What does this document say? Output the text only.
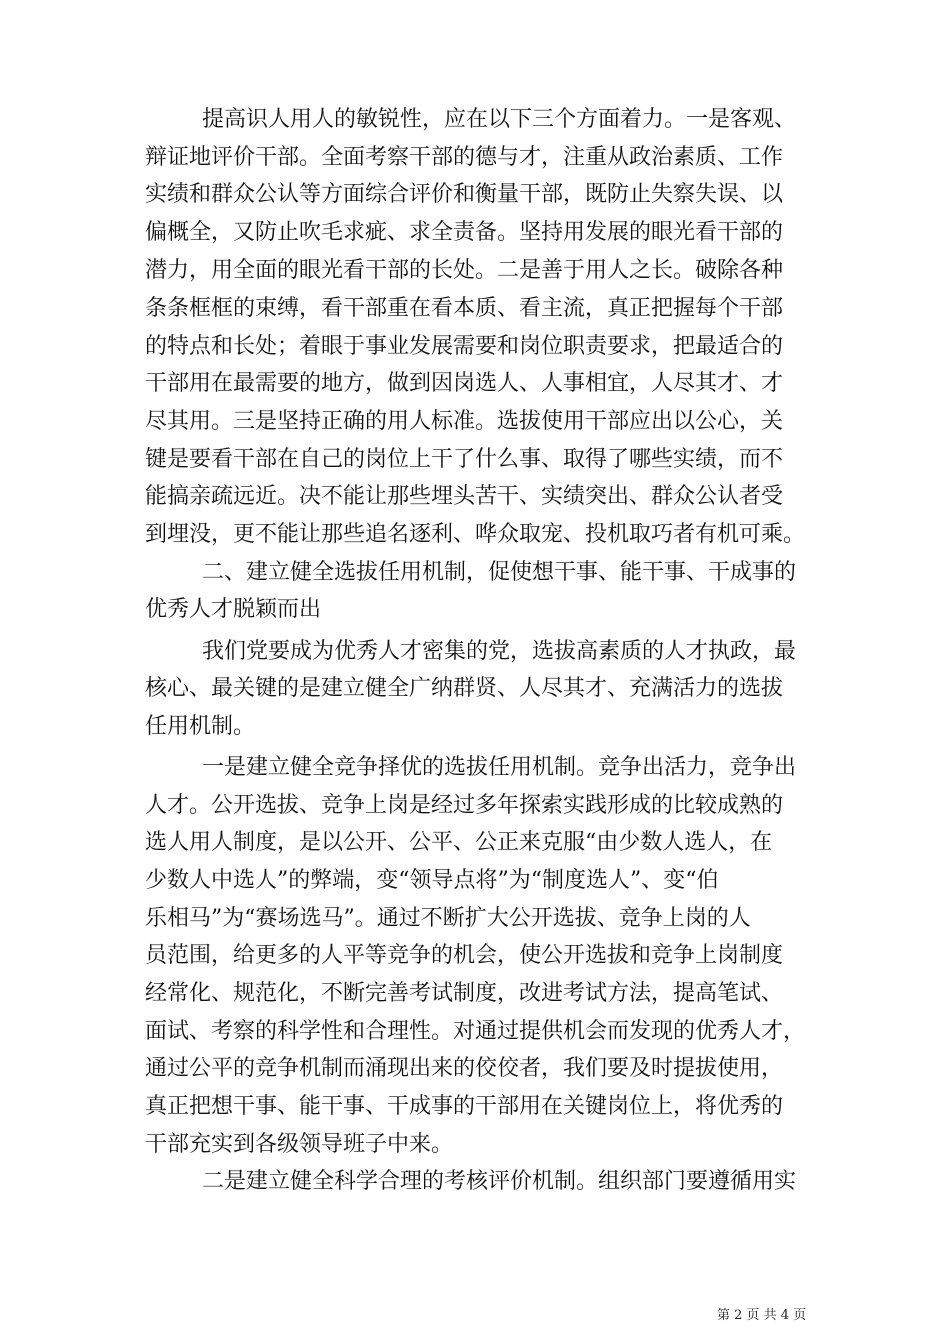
提高识人用人的敏锐性，应在以下三个方面着力。一是客观、
辩证地评价干部。全面考察干部的德与才，注重从政治素质、工作
实绩和群众公认等方面综合评价和衡量干部，既防止失察失误、以
偏概全，又防止吹毛求疵、求全责备。坚持用发展的眼光看干部的
潜力，用全面的眼光看干部的长处。二是善于用人之长。破除各种
条条框框的束缚，看干部重在看本质、看主流，真正把握每个干部
的特点和长处；着眼于事业发展需要和岗位职责要求，把最适合的
干部用在最需要的地方，做到因岗选人、人事相宜，人尽其才、才
尽其用。三是坚持正确的用人标准。选拔使用干部应出以公心，关
键是要看干部在自己的岗位上干了什么事、取得了哪些实绩，而不
能搞亲疏远近。决不能让那些埋头苦干、实绩突出、群众公认者受
到埋没，更不能让那些追名逐利、哗众取宠、投机取巧者有机可乘。
二、建立健全选拔任用机制，促使想干事、能干事、干成事的
优秀人才脱颖而出
我们党要成为优秀人才密集的党，选拔高素质的人才执政，最
核心、最关键的是建立健全广纳群贤、人尽其才、充满活力的选拔
任用机制。
一是建立健全竞争择优的选拔任用机制。竞争出活力，竞争出
人才。公开选拔、竞争上岗是经过多年探索实践形成的比较成熟的
选人用人制度，是以公开、公平、公正来克服“由少数人选人，在
少数人中选人”的弊端，变“领导点将”为“制度选人”、变“伯
乐相马”为“赛场选马”。通过不断扩大公开选拔、竞争上岗的人
员范围，给更多的人平等竞争的机会，使公开选拔和竞争上岗制度
经常化、规范化，不断完善考试制度，改进考试方法，提高笔试、
面试、考察的科学性和合理性。对通过提供机会而发现的优秀人才，
通过公平的竞争机制而涌现出来的佼佼者，我们要及时提拔使用，
真正把想干事、能干事、干成事的干部用在关键岗位上，将优秀的
干部充实到各级领导班子中来。
二是建立健全科学合理的考核评价机制。组织部门要遵循用实
第 2 页 共 4 页
